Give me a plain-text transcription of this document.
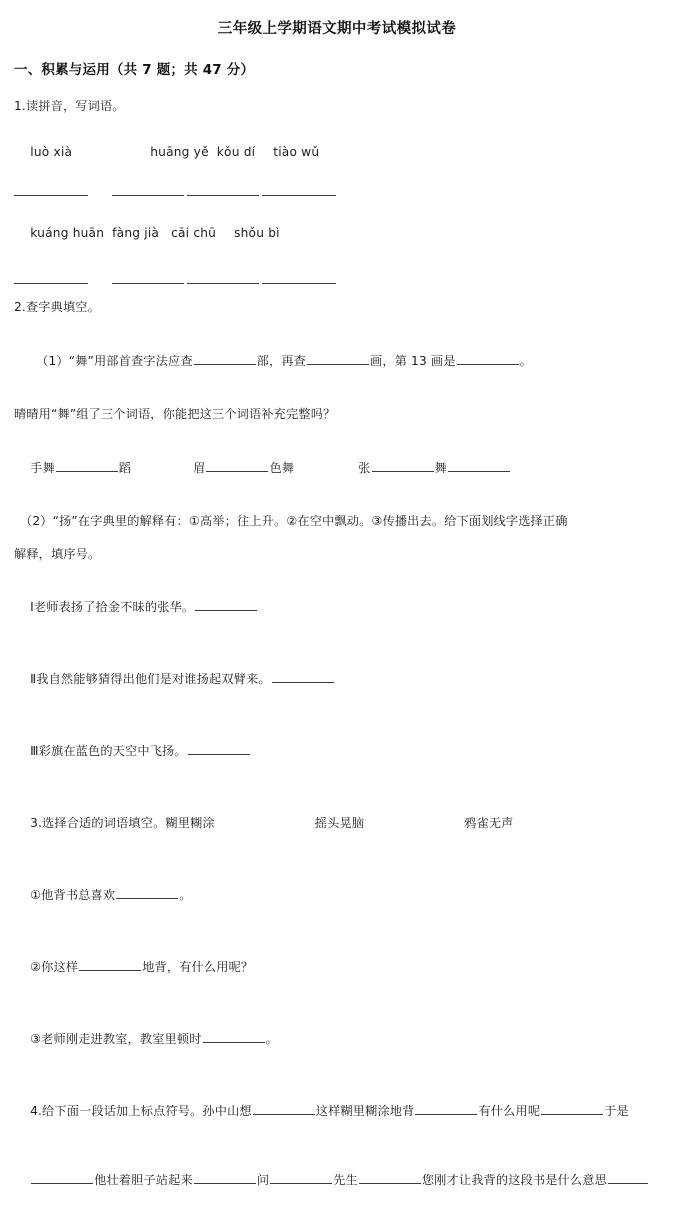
三年级上学期语文期中考试模拟试卷
一、积累与运用（共 7 题；共 47 分）
1.读拼音，写词语。

luò xià	huāng yě kǒu dí tiào wǔ

kuáng huān fàng jià cāi chū shǒu bì

2.查字典填空。

（1）“舞”用部首查字法应查	部，再查	画，第 13 画是	。

晴晴用“舞”组了三个词语，你能把这三个词语补充完整吗？

手舞	蹈	眉	色舞	张	舞

（2）“扬”在字典里的解释有：①高举；往上升。②在空中飘动。③传播出去。给下面划线字选择正确
解释，填序号。

Ⅰ老师表扬了拾金不昧的张华。

Ⅱ我自然能够猜得出他们是对谁扬起双臂来。

Ⅲ彩旗在蓝色的天空中飞扬。

3.选择合适的词语填空。糊里糊涂	摇头晃脑	鸦雀无声

①他背书总喜欢	。

②你这样	地背，有什么用呢？

③老师刚走进教室，教室里顿时	。

4.给下面一段话加上标点符号。孙中山想	这样糊里糊涂地背	有什么用呢	于是

他壮着胆子站起来	问	先生	您刚才让我背的这段书是什么意思
